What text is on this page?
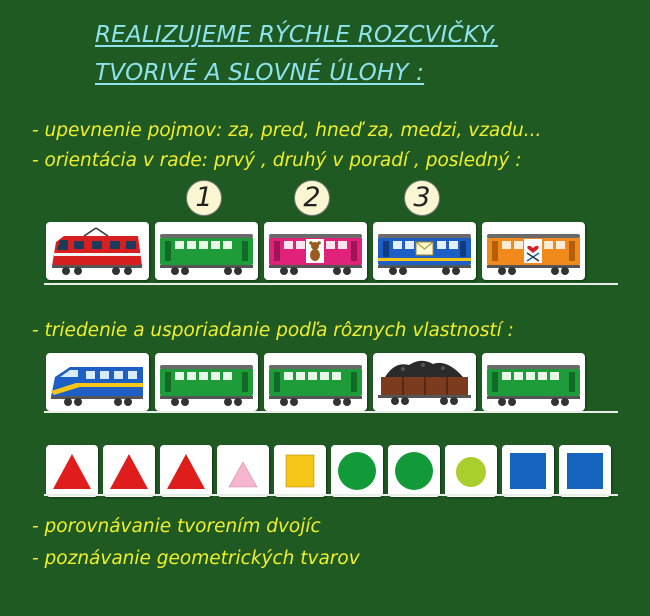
REALIZUJEME RÝCHLE ROZCVIČKY,
TVORIVÉ A SLOVNÉ ÚLOHY :
- upevnenie pojmov: za, pred, hneď za, medzi, vzadu...
- orientácia v rade: prvý , druhý v poradí , posledný :
1	2	3
- triedenie a usporiadanie podľa rôznych vlastností :
- porovnávanie tvorením dvojíc
- poznávanie geometrických tvarov
